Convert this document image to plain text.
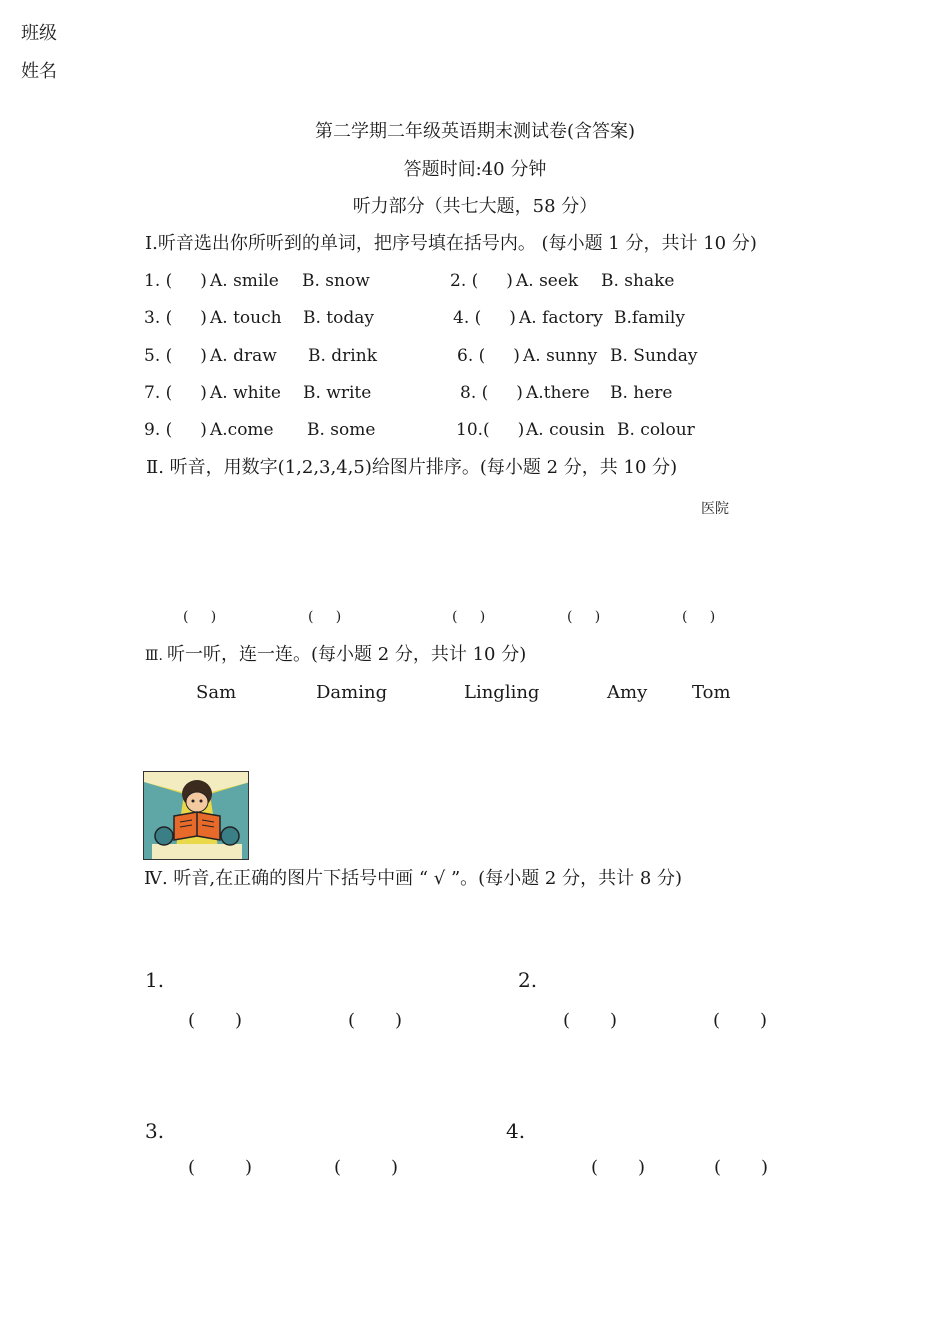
班级
姓名
第二学期二年级英语期末测试卷(含答案)
答题时间:40 分钟
听力部分（共七大题，58 分）
Ⅰ.听音选出你所听到的单词，把序号填在括号内。 (每小题 1 分，共计 10 分)
1. ( ) A. smile B. snow	2. ( ) A. seek B. shake
3. ( ) A. touch B. today	4. ( ) A. factory B.family
5. ( ) A. draw B. drink	6. ( ) A. sunny B. Sunday
7. ( ) A. white B. write	8. ( ) A.there B. here
9. ( ) A.come B. some	10.( ) A. cousin B. colour
Ⅱ. 听音，用数字(1,2,3,4,5)给图片排序。(每小题 2 分，共 10 分)
医院
(     )	(     )	(     )	(     )	(     )
Ⅲ. 听一听，连一连。(每小题 2 分，共计 10 分)
Sam	Daming	Lingling	Amy Tom
Ⅳ. 听音,在正确的图片下括号中画 “ √ ”。(每小题 2 分，共计 8 分)
1.	2.
( )	( )	( )	( )
3.	4.
(	)	(	)	( )	( )
